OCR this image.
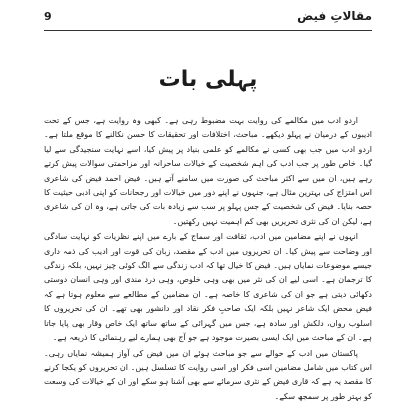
مقالاتِ فیض
9
پہلی بات

اردو ادب میں مکالمے کی روایت بہت مضبوط رہی ہے۔ کبھی وہ روایت ہے، جس کے تحت ادیبوں کے درمیان نے پہلو دیکھے۔ مباحث، اختلافات اور تحقیقات کا حسن نکالنے کا موقع ملتا ہے۔ اردو ادب میں جب بھی کسی نے مکالمے کو علمی بنیاد پر پیش کیا، اسے نہایت سنجیدگی سے لیا گیا۔ خاص طور پر جب ادب کی اہم شخصیت کے خیالات ساحرانہ اور مزاحمتی سوالات پیش کرتے رہے ہیں، ان میں سے اکثر مباحث کی صورت میں سامنے آتے ہیں۔ فیض احمد فیض کی شاعری اس امتزاج کی بہترین مثال ہے، جنہوں نے اپنے دور میں خیالات اور رجحانات کو اپنی ادبی حیثیت کا حصہ بنایا۔ فیض کی شخصیت کے جس پہلو پر سب سے زیادہ بات کی جاتی ہے، وہ ان کی شاعری ہے، لیکن ان کی نثری تحریریں بھی کم اہمیت نہیں رکھتیں۔

انہوں نے اپنے مضامین میں ادب، ثقافت اور سماج کے بارے میں اپنے نظریات کو نہایت سادگی اور وضاحت سے پیش کیا۔ ان تحریروں میں ادب کے مقصد، زبان کی قوت اور ادیب کی ذمہ داری جیسے موضوعات نمایاں ہیں۔ فیض کا خیال تھا کہ ادب زندگی سے الگ کوئی چیز نہیں، بلکہ زندگی کا ترجمان ہے۔ اسی لیے ان کی نثر میں بھی وہی خلوص، وہی درد مندی اور وہی انسان دوستی دکھائی دیتی ہے جو ان کی شاعری کا خاصہ ہے۔ ان مضامین کے مطالعے سے معلوم ہوتا ہے کہ فیض محض ایک شاعر نہیں بلکہ ایک صاحبِ فکر نقاد اور دانشور بھی تھے۔ ان کی تحریروں کا اسلوب رواں، دلکش اور سادہ ہے، جس میں گہرائی کے ساتھ ساتھ ایک خاص وقار بھی پایا جاتا ہے۔ ان کے مباحث میں ایک ایسی بصیرت موجود ہے جو آج بھی ہمارے لیے رہنمائی کا ذریعہ ہے۔

پاکستان میں ادب کے حوالے سے جو مباحث ہوئے ان میں فیض کی آواز ہمیشہ نمایاں رہی۔ اس کتاب میں شامل مضامین اسی فکر اور اسی روایت کا تسلسل ہیں۔ ان تحریروں کو یکجا کرنے کا مقصد یہ ہے کہ قاری فیض کے نثری سرمائے سے بھی آشنا ہو سکے اور ان کے خیالات کی وسعت کو بہتر طور پر سمجھ سکے۔
